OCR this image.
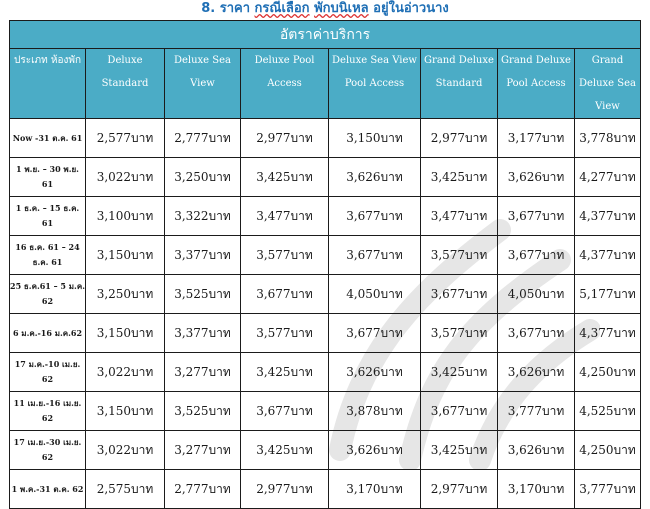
8. ราคา กรณีเลือก พักบนิเหล อยู่ในอ่าวนาง
อัตราค่าบริการ							
ประเภท ห้องพัก	Deluxe Standard	Deluxe Sea View	Deluxe Pool Access	Deluxe Sea View Pool Access	Grand Deluxe Standard	Grand Deluxe Pool Access	Grand Deluxe Sea View
Now -31 ต.ค. 61	2,577บาท	2,777บาท	2,977บาท	3,150บาท	2,977บาท	3,177บาท	3,778บาท
1 พ.ย. – 30 พ.ย. 61	3,022บาท	3,250บาท	3,425บาท	3,626บาท	3,425บาท	3,626บาท	4,277บาท
1 ธ.ค. – 15 ธ.ค. 61	3,100บาท	3,322บาท	3,477บาท	3,677บาท	3,477บาท	3,677บาท	4,377บาท
16 ธ.ค. 61 – 24 ธ.ค. 61	3,150บาท	3,377บาท	3,577บาท	3,677บาท	3,577บาท	3,677บาท	4,377บาท
25 ธ.ค.61 – 5 ม.ค. 62	3,250บาท	3,525บาท	3,677บาท	4,050บาท	3,677บาท	4,050บาท	5,177บาท
6 ม.ค.-16 ม.ค.62	3,150บาท	3,377บาท	3,577บาท	3,677บาท	3,577บาท	3,677บาท	4,377บาท
17 ม.ค.-10 เม.ย. 62	3,022บาท	3,277บาท	3,425บาท	3,626บาท	3,425บาท	3,626บาท	4,250บาท
11 เม.ย.-16 เม.ย. 62	3,150บาท	3,525บาท	3,677บาท	3,878บาท	3,677บาท	3,777บาท	4,525บาท
17 เม.ย.-30 เม.ย. 62	3,022บาท	3,277บาท	3,425บาท	3,626บาท	3,425บาท	3,626บาท	4,250บาท
1 พ.ค.-31 ต.ค. 62	2,575บาท	2,777บาท	2,977บาท	3,170บาท	2,977บาท	3,170บาท	3,777บาท
